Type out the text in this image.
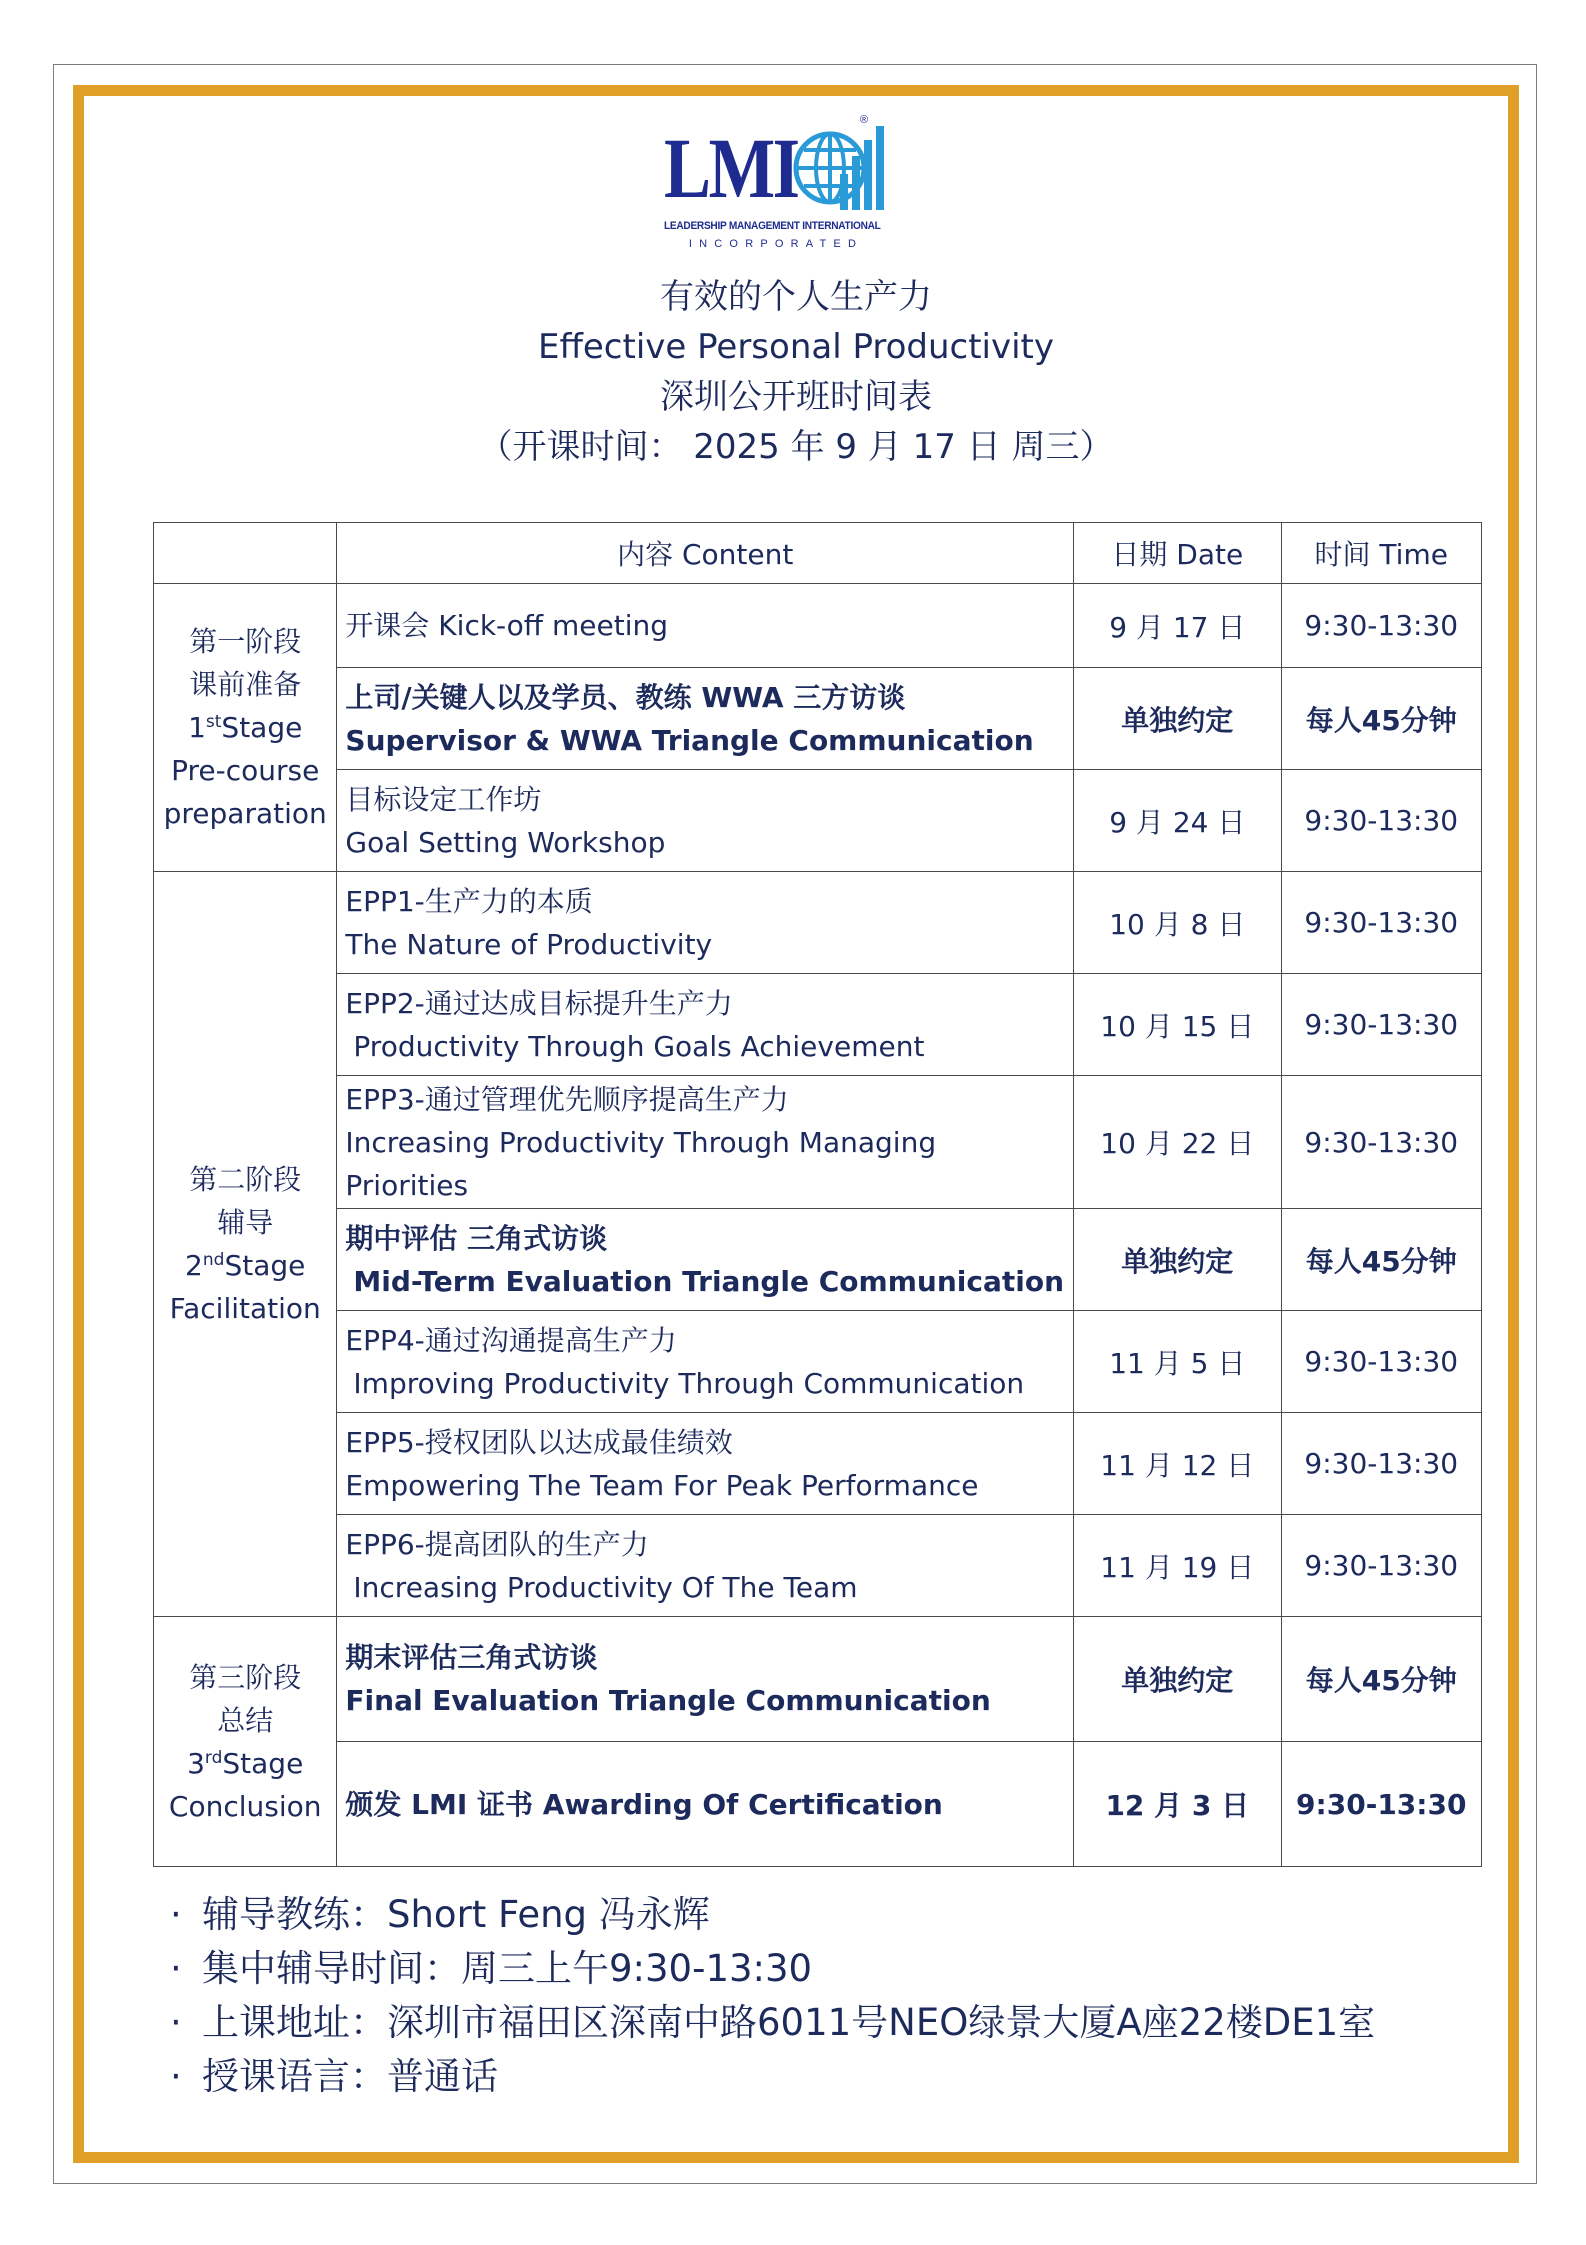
LMI	®
LEADERSHIP MANAGEMENT INTERNATIONAL
INCORPORATED
有效的个人生产力
Effective Personal Productivity
深圳公开班时间表
（开课时间： 2025 年 9 月 17 日 周三）
	内容 Content	日期 Date	时间 Time

第一阶段
课前准备
1stStage
Pre-course
preparation	开课会 Kick-off meeting	9 月 17 日	9:30-13:30

	上司/关键人以及学员、教练 WWA 三方访谈
Supervisor & WWA Triangle Communication	单独约定	每人45分钟

	目标设定工作坊
Goal Setting Workshop	9 月 24 日	9:30-13:30

第二阶段
辅导
2ndStage
Facilitation	EPP1-生产力的本质
The Nature of Productivity	10 月 8 日	9:30-13:30

	EPP2-通过达成目标提升生产力
Productivity Through Goals Achievement	10 月 15 日	9:30-13:30

	EPP3-通过管理优先顺序提高生产力
Increasing Productivity Through Managing
Priorities	10 月 22 日	9:30-13:30

	期中评估 三角式访谈
Mid-Term Evaluation Triangle Communication	单独约定	每人45分钟

	EPP4-通过沟通提高生产力
Improving Productivity Through Communication	11 月 5 日	9:30-13:30

	EPP5-授权团队以达成最佳绩效
Empowering The Team For Peak Performance	11 月 12 日	9:30-13:30

	EPP6-提高团队的生产力
Increasing Productivity Of The Team	11 月 19 日	9:30-13:30

第三阶段
总结
3rdStage
Conclusion	期末评估三角式访谈
Final Evaluation Triangle Communication	单独约定	每人45分钟

	颁发 LMI 证书 Awarding Of Certification	12 月 3 日	9:30-13:30
· 辅导教练：Short Feng 冯永辉
· 集中辅导时间：周三上午9:30-13:30
· 上课地址：深圳市福田区深南中路6011号NEO绿景大厦A座22楼DE1室
· 授课语言：普通话
